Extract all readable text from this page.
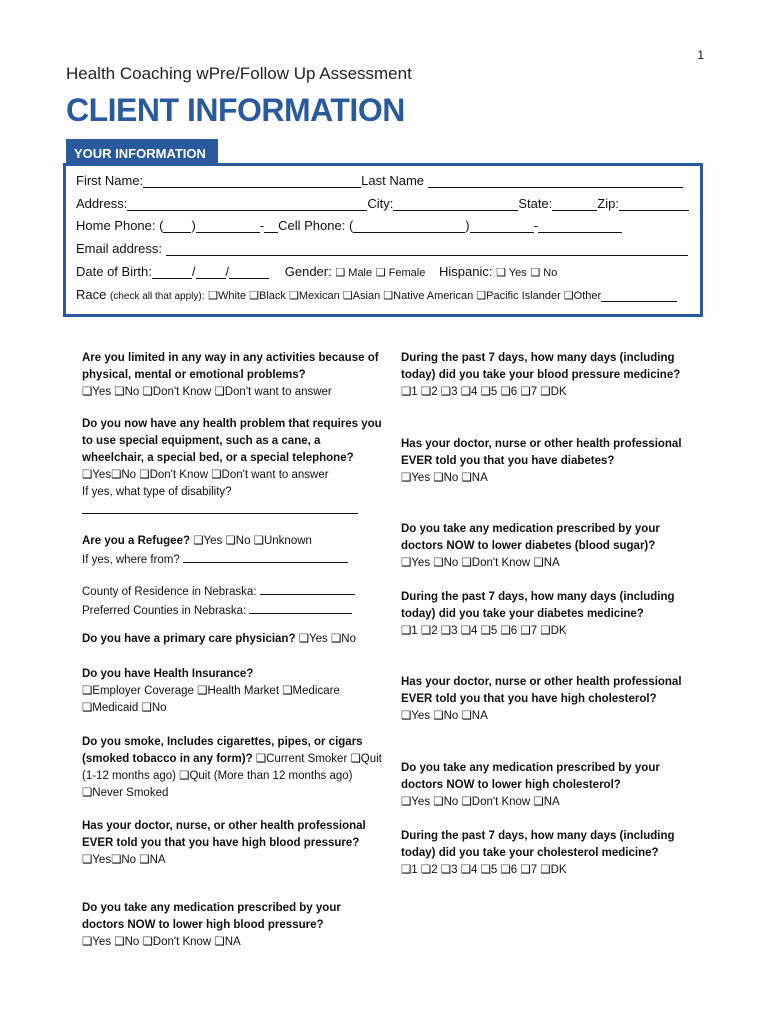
1
Health Coaching wPre/Follow Up Assessment
CLIENT INFORMATION
YOUR INFORMATION
First Name:	Last Name
Address:	City:	State:	Zip:
Home Phone: ( )	- Cell Phone: (	)	-
Email address:
Date of Birth:	/ /	Gender: ❑ Male ❑ Female Hispanic: ❑ Yes ❑ No
Race (check all that apply): ❑White ❑Black ❑Mexican ❑Asian ❑Native American ❑Pacific Islander ❑Other
Are you limited in any way in any activities because of physical, mental or emotional problems?
❑Yes ❑No ❑Don't Know ❑Don't want to answer
Do you now have any health problem that requires you to use special equipment, such as a cane, a wheelchair, a special bed, or a special telephone?
❑Yes❑No ❑Don't Know ❑Don't want to answer
If yes, what type of disability?

Are you a Refugee? ❑Yes ❑No ❑Unknown
If yes, where from?
County of Residence in Nebraska:
Preferred Counties in Nebraska:
Do you have a primary care physician? ❑Yes ❑No
Do you have Health Insurance?
❑Employer Coverage ❑Health Market ❑Medicare
❑Medicaid ❑No
Do you smoke, Includes cigarettes, pipes, or cigars (smoked tobacco in any form)? ❑Current Smoker ❑Quit (1-12 months ago) ❑Quit (More than 12 months ago) ❑Never Smoked
Has your doctor, nurse, or other health professional EVER told you that you have high blood pressure?
❑Yes❑No ❑NA
Do you take any medication prescribed by your doctors NOW to lower high blood pressure?
❑Yes ❑No ❑Don't Know ❑NA
During the past 7 days, how many days (including today) did you take your blood pressure medicine?
❑1 ❑2 ❑3 ❑4 ❑5 ❑6 ❑7 ❑DK
Has your doctor, nurse or other health professional EVER told you that you have diabetes?
❑Yes ❑No ❑NA
Do you take any medication prescribed by your doctors NOW to lower diabetes (blood sugar)?
❑Yes ❑No ❑Don't Know ❑NA
During the past 7 days, how many days (including today) did you take your diabetes medicine?
❑1 ❑2 ❑3 ❑4 ❑5 ❑6 ❑7 ❑DK
Has your doctor, nurse or other health professional EVER told you that you have high cholesterol?
❑Yes ❑No ❑NA
Do you take any medication prescribed by your doctors NOW to lower high cholesterol?
❑Yes ❑No ❑Don't Know ❑NA
During the past 7 days, how many days (including today) did you take your cholesterol medicine?
❑1 ❑2 ❑3 ❑4 ❑5 ❑6 ❑7 ❑DK
